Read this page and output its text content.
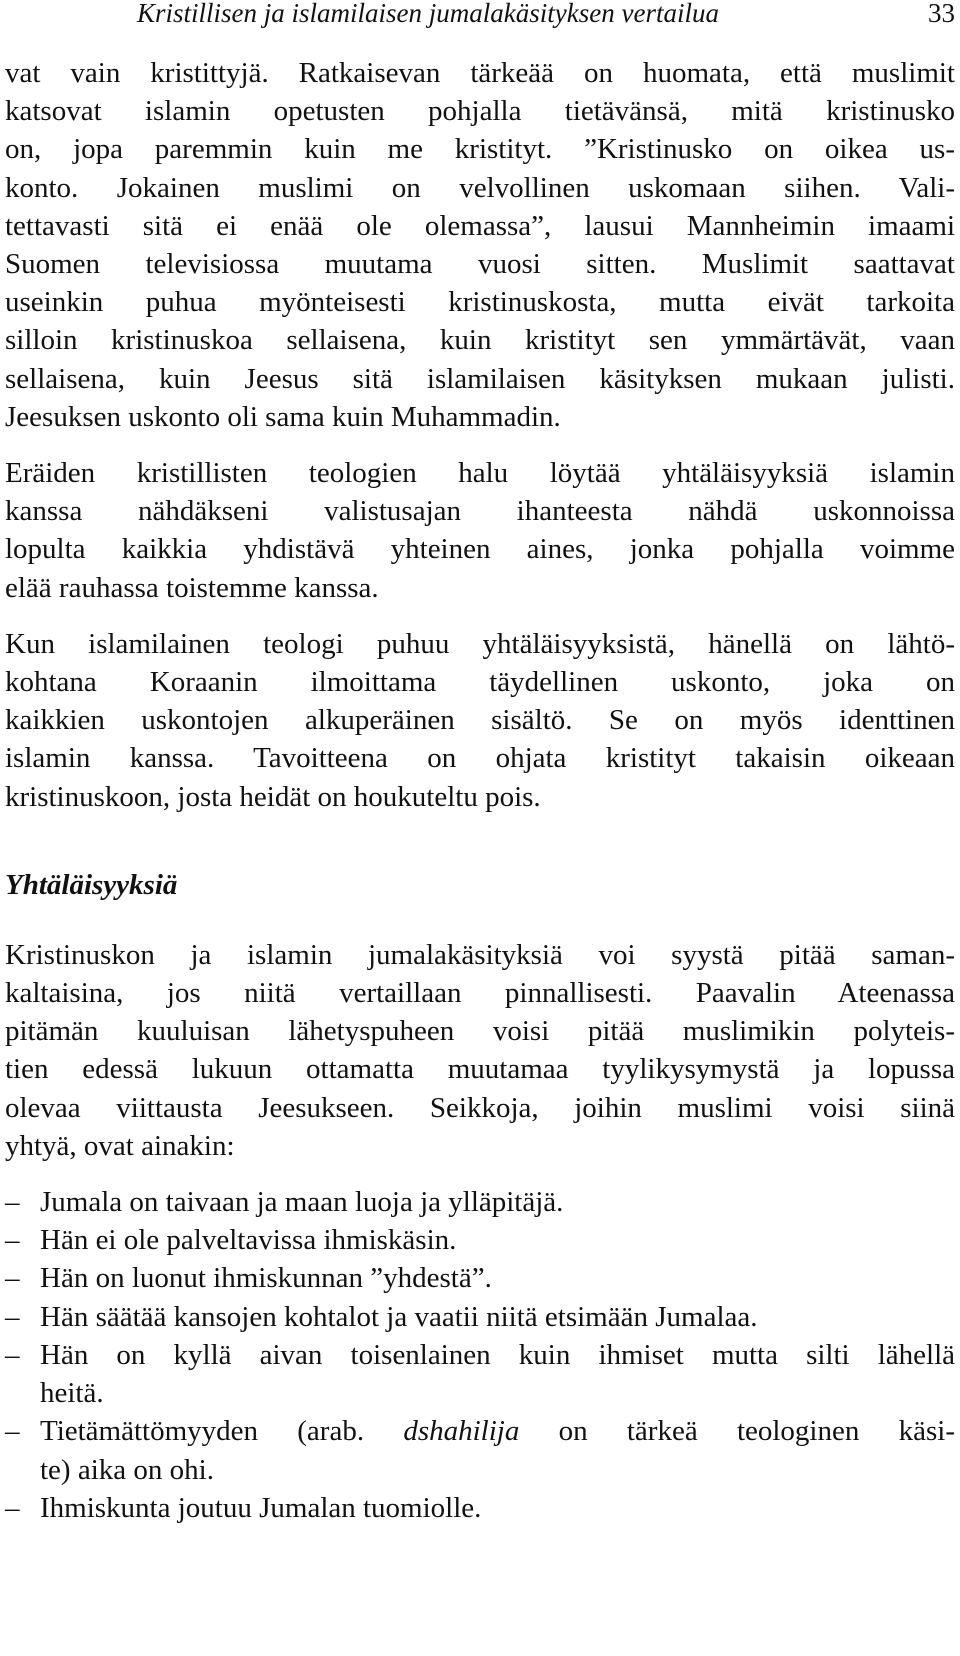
Kristillisen ja islamilaisen jumalakäsityksen vertailua	33

vat vain kristittyjä. Ratkaisevan tärkeää on huomata, että muslimit
katsovat islamin opetusten pohjalla tietävänsä, mitä kristinusko
on, jopa paremmin kuin me kristityt. ”Kristinusko on oikea us-
konto. Jokainen muslimi on velvollinen uskomaan siihen. Vali-
tettavasti sitä ei enää ole olemassa”, lausui Mannheimin imaami
Suomen televisiossa muutama vuosi sitten. Muslimit saattavat
useinkin puhua myönteisesti kristinuskosta, mutta eivät tarkoita
silloin kristinuskoa sellaisena, kuin kristityt sen ymmärtävät, vaan
sellaisena, kuin Jeesus sitä islamilaisen käsityksen mukaan julisti.
Jeesuksen uskonto oli sama kuin Muhammadin.

Eräiden kristillisten teologien halu löytää yhtäläisyyksiä islamin
kanssa nähdäkseni valistusajan ihanteesta nähdä uskonnoissa
lopulta kaikkia yhdistävä yhteinen aines, jonka pohjalla voimme
elää rauhassa toistemme kanssa.

Kun islamilainen teologi puhuu yhtäläisyyksistä, hänellä on lähtö-
kohtana Koraanin ilmoittama täydellinen uskonto, joka on
kaikkien uskontojen alkuperäinen sisältö. Se on myös identtinen
islamin kanssa. Tavoitteena on ohjata kristityt takaisin oikeaan
kristinuskoon, josta heidät on houkuteltu pois.

Yhtäläisyyksiä

Kristinuskon ja islamin jumalakäsityksiä voi syystä pitää saman-
kaltaisina, jos niitä vertaillaan pinnallisesti. Paavalin Ateenassa
pitämän kuuluisan lähetyspuheen voisi pitää muslimikin polyteis-
tien edessä lukuun ottamatta muutamaa tyylikysymystä ja lopussa
olevaa viittausta Jeesukseen. Seikkoja, joihin muslimi voisi siinä
yhtyä, ovat ainakin:

– Jumala on taivaan ja maan luoja ja ylläpitäjä.
– Hän ei ole palveltavissa ihmiskäsin.
– Hän on luonut ihmiskunnan ”yhdestä”.
– Hän säätää kansojen kohtalot ja vaatii niitä etsimään Jumalaa.
– Hän on kyllä aivan toisenlainen kuin ihmiset mutta silti lähellä
heitä.
– Tietämättömyyden (arab. dshahilija on tärkeä teologinen käsi-
te) aika on ohi.
– Ihmiskunta joutuu Jumalan tuomiolle.
